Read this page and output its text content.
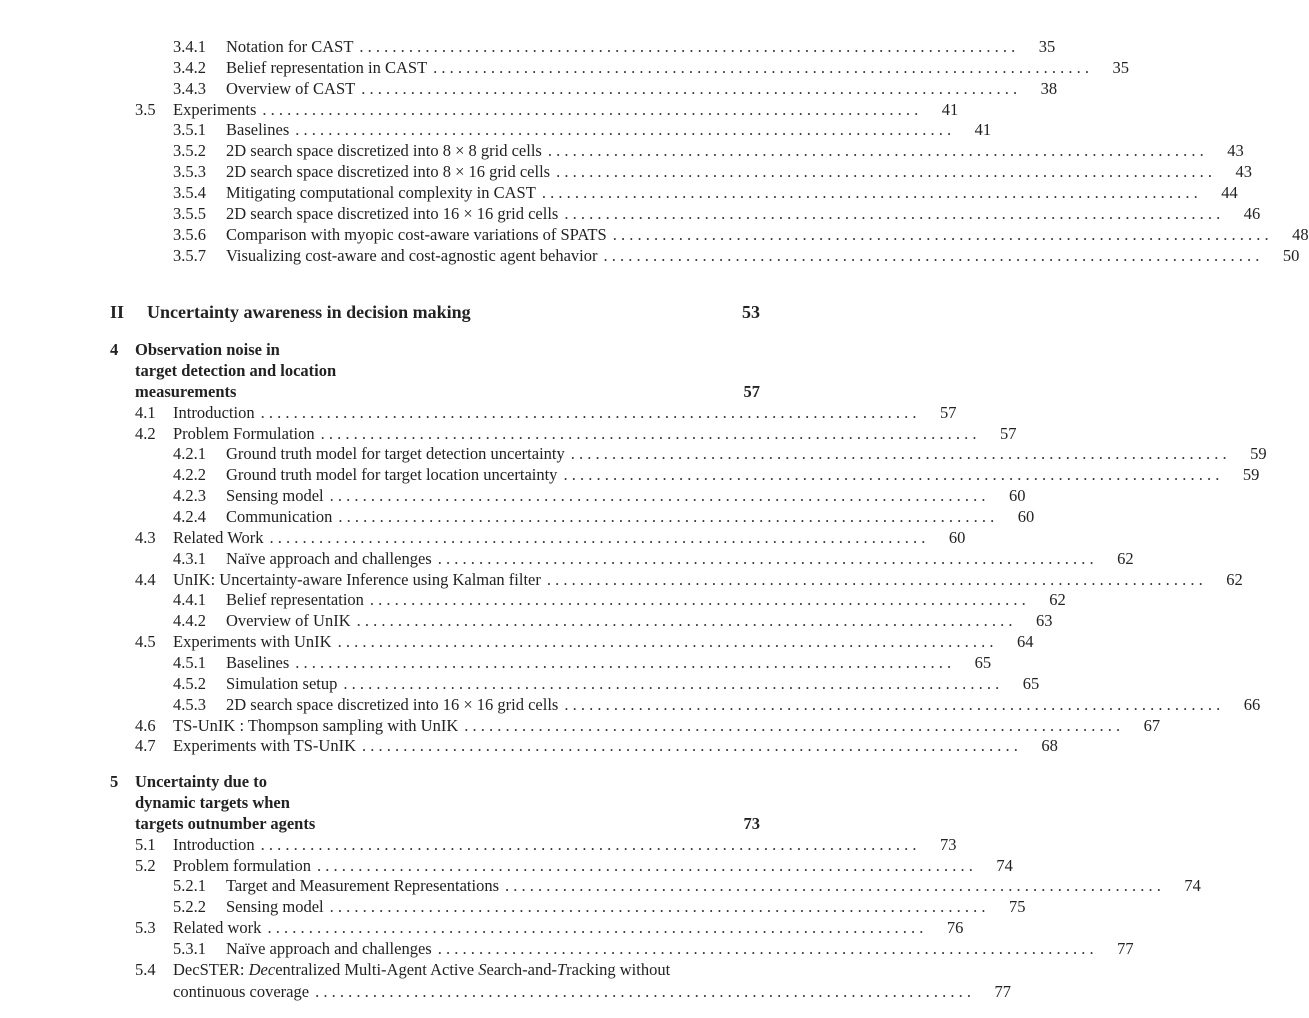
3.4.1	Notation for CAST . . . . . . . . . . . . . . . . . . . . . . . . . . . . . . . . . . . . . . . . . . . . . . . . . . . . . . . . . . . . . . . . . . . . . . . . . . . . . . . .	35
3.4.2	Belief representation in CAST . . . . . . . . . . . . . . . . . . . . . . . . . . . . . . . . . . . . . . . . . . . . . . . . . . . . . . . . . . . . . . . . . . . . . . . . . . . . . . . .	35
3.4.3	Overview of CAST . . . . . . . . . . . . . . . . . . . . . . . . . . . . . . . . . . . . . . . . . . . . . . . . . . . . . . . . . . . . . . . . . . . . . . . . . . . . . . . .	38
3.5	Experiments . . . . . . . . . . . . . . . . . . . . . . . . . . . . . . . . . . . . . . . . . . . . . . . . . . . . . . . . . . . . . . . . . . . . . . . . . . . . . . . .	41
3.5.1	Baselines . . . . . . . . . . . . . . . . . . . . . . . . . . . . . . . . . . . . . . . . . . . . . . . . . . . . . . . . . . . . . . . . . . . . . . . . . . . . . . . .	41
3.5.2	2D search space discretized into 8 × 8 grid cells . . . . . . . . . . . . . . . . . . . . . . . . . . . . . . . . . . . . . . . . . . . . . . . . . . . . . . . . . . . . . . . . . . . . . . . . . . . . . . . .	43
3.5.3	2D search space discretized into 8 × 16 grid cells . . . . . . . . . . . . . . . . . . . . . . . . . . . . . . . . . . . . . . . . . . . . . . . . . . . . . . . . . . . . . . . . . . . . . . . . . . . . . . . .	43
3.5.4	Mitigating computational complexity in CAST . . . . . . . . . . . . . . . . . . . . . . . . . . . . . . . . . . . . . . . . . . . . . . . . . . . . . . . . . . . . . . . . . . . . . . . . . . . . . . . .	44
3.5.5	2D search space discretized into 16 × 16 grid cells . . . . . . . . . . . . . . . . . . . . . . . . . . . . . . . . . . . . . . . . . . . . . . . . . . . . . . . . . . . . . . . . . . . . . . . . . . . . . . . .	46
3.5.6	Comparison with myopic cost-aware variations of SPATS . . . . . . . . . . . . . . . . . . . . . . . . . . . . . . . . . . . . . . . . . . . . . . . . . . . . . . . . . . . . . . . . . . . . . . . . . . . . . . . .	48
3.5.7	Visualizing cost-aware and cost-agnostic agent behavior . . . . . . . . . . . . . . . . . . . . . . . . . . . . . . . . . . . . . . . . . . . . . . . . . . . . . . . . . . . . . . . . . . . . . . . . . . . . . . . .	50
II	Uncertainty awareness in decision making	53
4	Observation noise in
target detection and location
measurements	57
4.1	Introduction . . . . . . . . . . . . . . . . . . . . . . . . . . . . . . . . . . . . . . . . . . . . . . . . . . . . . . . . . . . . . . . . . . . . . . . . . . . . . . . .	57
4.2	Problem Formulation . . . . . . . . . . . . . . . . . . . . . . . . . . . . . . . . . . . . . . . . . . . . . . . . . . . . . . . . . . . . . . . . . . . . . . . . . . . . . . . .	57
4.2.1	Ground truth model for target detection uncertainty . . . . . . . . . . . . . . . . . . . . . . . . . . . . . . . . . . . . . . . . . . . . . . . . . . . . . . . . . . . . . . . . . . . . . . . . . . . . . . . .	59
4.2.2	Ground truth model for target location uncertainty . . . . . . . . . . . . . . . . . . . . . . . . . . . . . . . . . . . . . . . . . . . . . . . . . . . . . . . . . . . . . . . . . . . . . . . . . . . . . . . .	59
4.2.3	Sensing model . . . . . . . . . . . . . . . . . . . . . . . . . . . . . . . . . . . . . . . . . . . . . . . . . . . . . . . . . . . . . . . . . . . . . . . . . . . . . . . .	60
4.2.4	Communication . . . . . . . . . . . . . . . . . . . . . . . . . . . . . . . . . . . . . . . . . . . . . . . . . . . . . . . . . . . . . . . . . . . . . . . . . . . . . . . .	60
4.3	Related Work . . . . . . . . . . . . . . . . . . . . . . . . . . . . . . . . . . . . . . . . . . . . . . . . . . . . . . . . . . . . . . . . . . . . . . . . . . . . . . . .	60
4.3.1	Naïve approach and challenges . . . . . . . . . . . . . . . . . . . . . . . . . . . . . . . . . . . . . . . . . . . . . . . . . . . . . . . . . . . . . . . . . . . . . . . . . . . . . . . .	62
4.4	UnIK: Uncertainty-aware Inference using Kalman filter . . . . . . . . . . . . . . . . . . . . . . . . . . . . . . . . . . . . . . . . . . . . . . . . . . . . . . . . . . . . . . . . . . . . . . . . . . . . . . . .	62
4.4.1	Belief representation . . . . . . . . . . . . . . . . . . . . . . . . . . . . . . . . . . . . . . . . . . . . . . . . . . . . . . . . . . . . . . . . . . . . . . . . . . . . . . . .	62
4.4.2	Overview of UnIK . . . . . . . . . . . . . . . . . . . . . . . . . . . . . . . . . . . . . . . . . . . . . . . . . . . . . . . . . . . . . . . . . . . . . . . . . . . . . . . .	63
4.5	Experiments with UnIK . . . . . . . . . . . . . . . . . . . . . . . . . . . . . . . . . . . . . . . . . . . . . . . . . . . . . . . . . . . . . . . . . . . . . . . . . . . . . . . .	64
4.5.1	Baselines . . . . . . . . . . . . . . . . . . . . . . . . . . . . . . . . . . . . . . . . . . . . . . . . . . . . . . . . . . . . . . . . . . . . . . . . . . . . . . . .	65
4.5.2	Simulation setup . . . . . . . . . . . . . . . . . . . . . . . . . . . . . . . . . . . . . . . . . . . . . . . . . . . . . . . . . . . . . . . . . . . . . . . . . . . . . . . .	65
4.5.3	2D search space discretized into 16 × 16 grid cells . . . . . . . . . . . . . . . . . . . . . . . . . . . . . . . . . . . . . . . . . . . . . . . . . . . . . . . . . . . . . . . . . . . . . . . . . . . . . . . .	66
4.6	TS-UnIK : Thompson sampling with UnIK . . . . . . . . . . . . . . . . . . . . . . . . . . . . . . . . . . . . . . . . . . . . . . . . . . . . . . . . . . . . . . . . . . . . . . . . . . . . . . . .	67
4.7	Experiments with TS-UnIK . . . . . . . . . . . . . . . . . . . . . . . . . . . . . . . . . . . . . . . . . . . . . . . . . . . . . . . . . . . . . . . . . . . . . . . . . . . . . . . .	68
5	Uncertainty due to
dynamic targets when
targets outnumber agents	73
5.1	Introduction . . . . . . . . . . . . . . . . . . . . . . . . . . . . . . . . . . . . . . . . . . . . . . . . . . . . . . . . . . . . . . . . . . . . . . . . . . . . . . . .	73
5.2	Problem formulation . . . . . . . . . . . . . . . . . . . . . . . . . . . . . . . . . . . . . . . . . . . . . . . . . . . . . . . . . . . . . . . . . . . . . . . . . . . . . . . .	74
5.2.1	Target and Measurement Representations . . . . . . . . . . . . . . . . . . . . . . . . . . . . . . . . . . . . . . . . . . . . . . . . . . . . . . . . . . . . . . . . . . . . . . . . . . . . . . . .	74
5.2.2	Sensing model . . . . . . . . . . . . . . . . . . . . . . . . . . . . . . . . . . . . . . . . . . . . . . . . . . . . . . . . . . . . . . . . . . . . . . . . . . . . . . . .	75
5.3	Related work . . . . . . . . . . . . . . . . . . . . . . . . . . . . . . . . . . . . . . . . . . . . . . . . . . . . . . . . . . . . . . . . . . . . . . . . . . . . . . . .	76
5.3.1	Naïve approach and challenges . . . . . . . . . . . . . . . . . . . . . . . . . . . . . . . . . . . . . . . . . . . . . . . . . . . . . . . . . . . . . . . . . . . . . . . . . . . . . . . .	77
5.4	DecSTER: Decentralized Multi-Agent Active Search-and-Tracking without
continuous coverage . . . . . . . . . . . . . . . . . . . . . . . . . . . . . . . . . . . . . . . . . . . . . . . . . . . . . . . . . . . . . . . . . . . . . . . . . . . . . . . .	77
